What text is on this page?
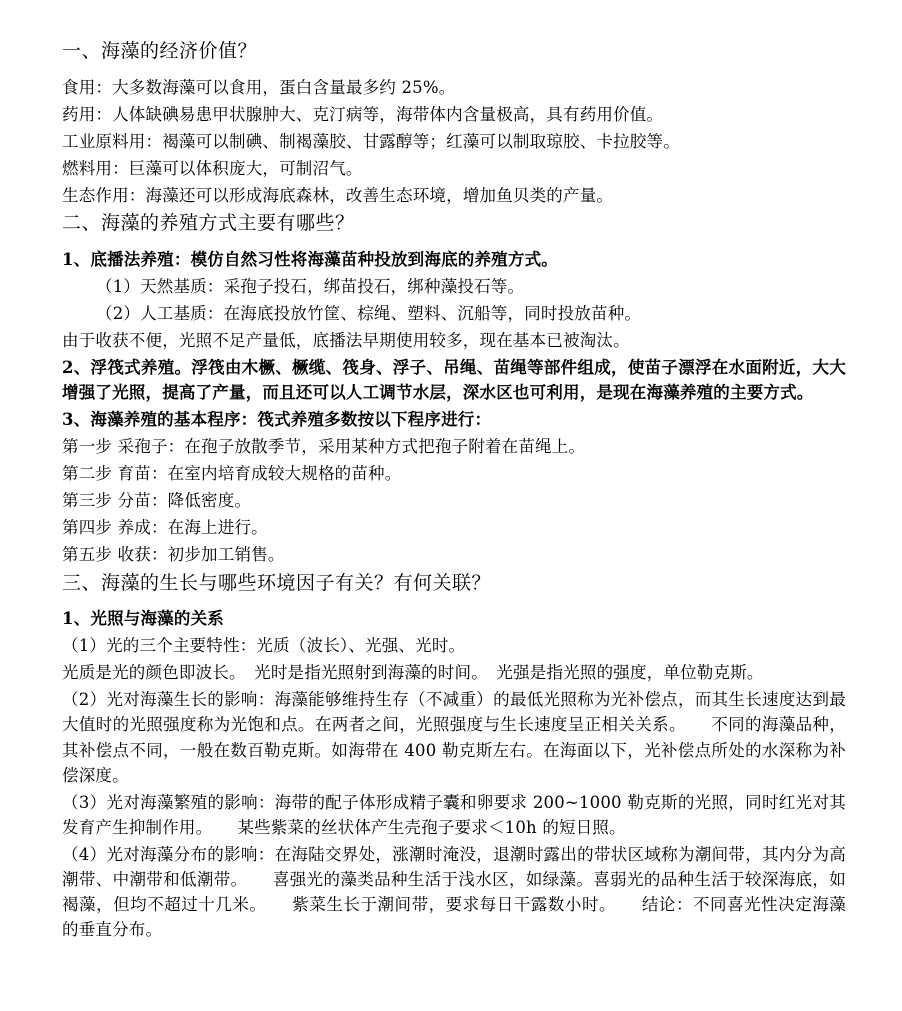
一、海藻的经济价值？

食用：大多数海藻可以食用，蛋白含量最多约 25%。

药用：人体缺碘易患甲状腺肿大、克汀病等，海带体内含量极高，具有药用价值。

工业原料用：褐藻可以制碘、制褐藻胶、甘露醇等；红藻可以制取琼胶、卡拉胶等。

燃料用：巨藻可以体积庞大，可制沼气。

生态作用：海藻还可以形成海底森林，改善生态环境，增加鱼贝类的产量。

二、海藻的养殖方式主要有哪些？

1、底播法养殖：模仿自然习性将海藻苗种投放到海底的养殖方式。

（1）天然基质：采孢子投石，绑苗投石，绑种藻投石等。

（2）人工基质：在海底投放竹筐、棕绳、塑料、沉船等，同时投放苗种。

由于收获不便，光照不足产量低，底播法早期使用较多，现在基本已被淘汰。

2、浮筏式养殖。浮筏由木橛、橛缆、筏身、浮子、吊绳、苗绳等部件组成，使苗子漂浮在水面附近，大大增强了光照，提高了产量，而且还可以人工调节水层，深水区也可利用，是现在海藻养殖的主要方式。

3、海藻养殖的基本程序：筏式养殖多数按以下程序进行：

第一步 采孢子：在孢子放散季节，采用某种方式把孢子附着在苗绳上。

第二步 育苗：在室内培育成较大规格的苗种。

第三步 分苗：降低密度。

第四步 养成：在海上进行。

第五步 收获：初步加工销售。

三、海藻的生长与哪些环境因子有关？有何关联？

1、光照与海藻的关系

（1）光的三个主要特性：光质（波长）、光强、光时。

光质是光的颜色即波长。　光时是指光照射到海藻的时间。　光强是指光照的强度，单位勒克斯。

（2）光对海藻生长的影响：海藻能够维持生存（不减重）的最低光照称为光补偿点，而其生长速度达到最大值时的光照强度称为光饱和点。在两者之间，光照强度与生长速度呈正相关关系。　　不同的海藻品种，其补偿点不同，一般在数百勒克斯。如海带在 400 勒克斯左右。在海面以下，光补偿点所处的水深称为补偿深度。

（3）光对海藻繁殖的影响：海带的配子体形成精子囊和卵要求 200~1000 勒克斯的光照，同时红光对其发育产生抑制作用。　　某些紫菜的丝状体产生壳孢子要求＜10h 的短日照。

（4）光对海藻分布的影响：在海陆交界处，涨潮时淹没，退潮时露出的带状区域称为潮间带，其内分为高潮带、中潮带和低潮带。　　喜强光的藻类品种生活于浅水区，如绿藻。喜弱光的品种生活于较深海底，如褐藻，但均不超过十几米。　　紫菜生长于潮间带，要求每日干露数小时。　　结论：不同喜光性决定海藻的垂直分布。
